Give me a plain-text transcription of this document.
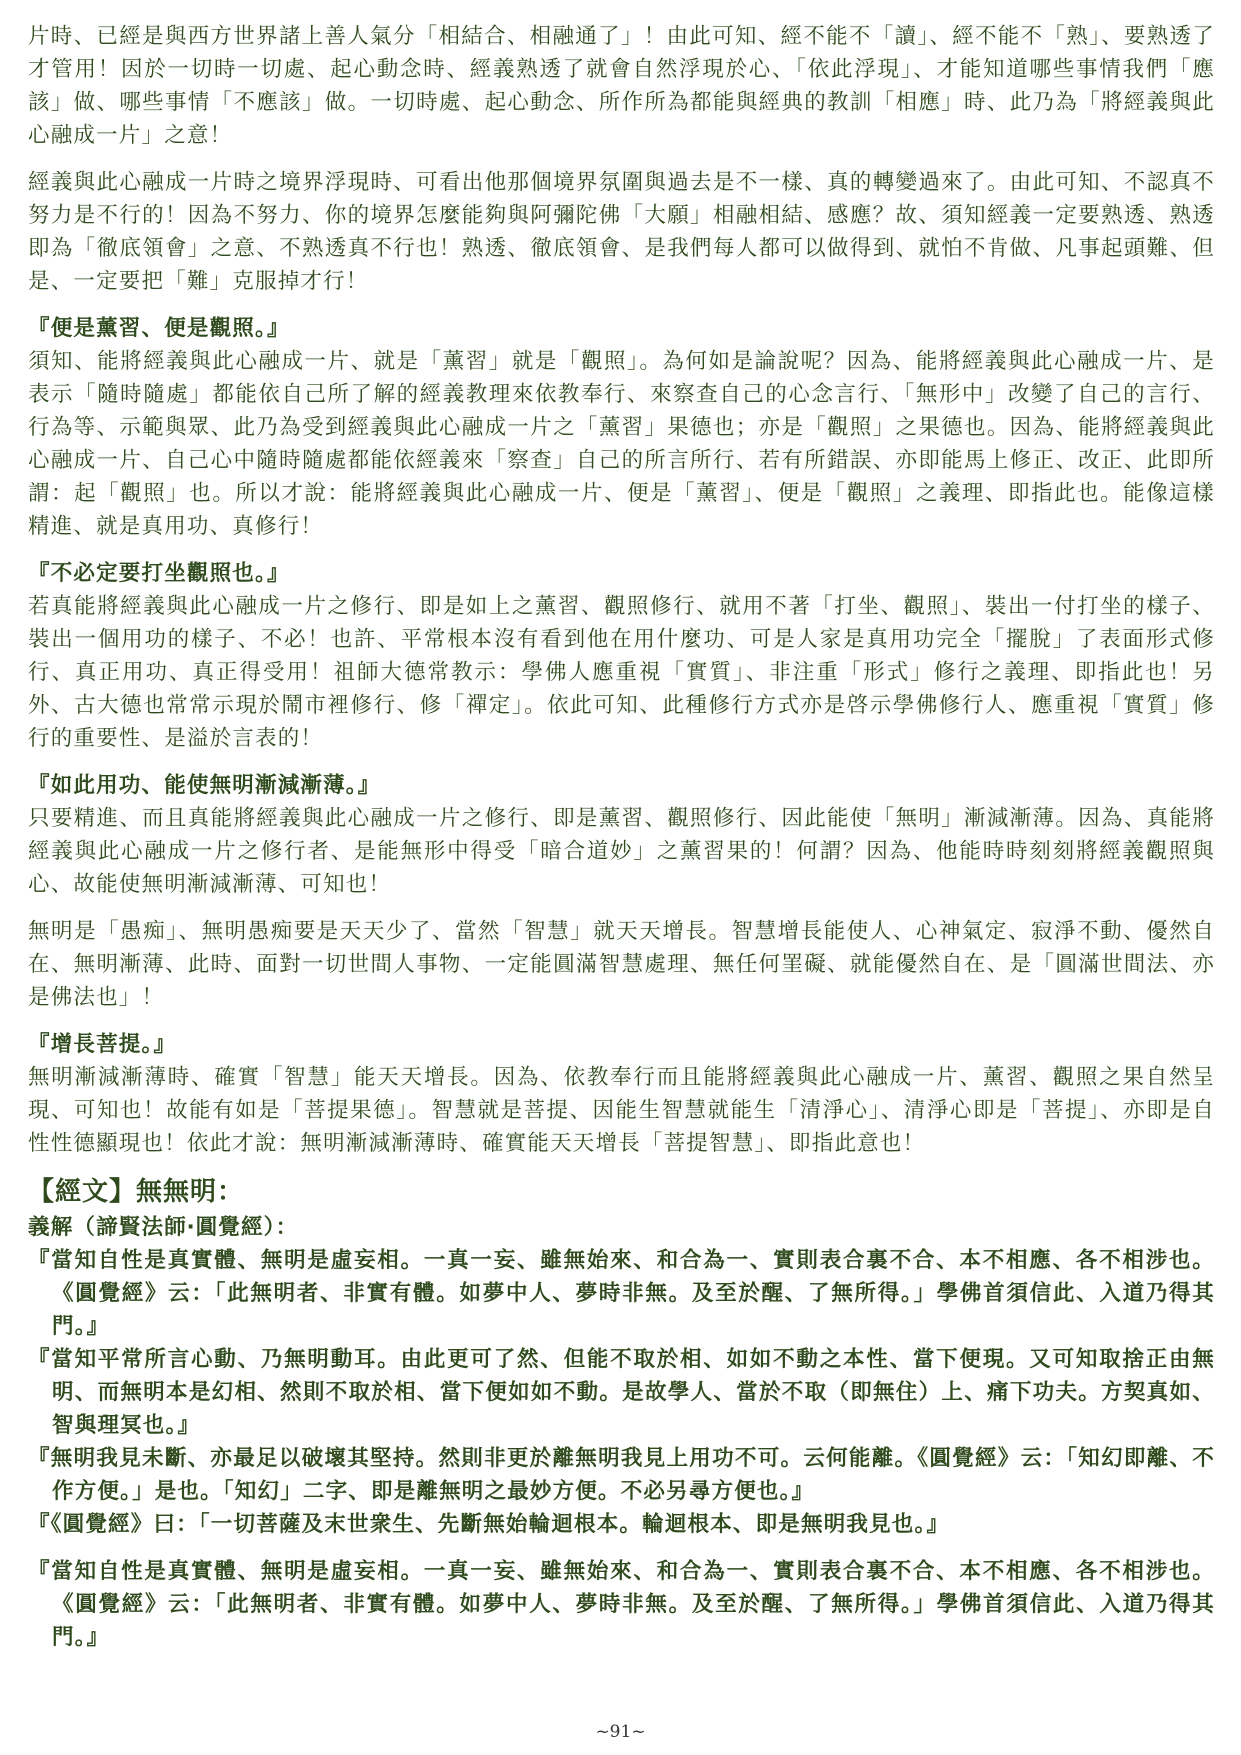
片時、已經是與西方世界諸上善人氣分「相結合、相融通了」！由此可知、經不能不「讀」、經不能不「熟」、要熟透了才管用！因於一切時一切處、起心動念時、經義熟透了就會自然浮現於心、「依此浮現」、才能知道哪些事情我們「應該」做、哪些事情「不應該」做。一切時處、起心動念、所作所為都能與經典的教訓「相應」時、此乃為「將經義與此心融成一片」之意！

經義與此心融成一片時之境界浮現時、可看出他那個境界氛圍與過去是不一樣、真的轉變過來了。由此可知、不認真不努力是不行的！因為不努力、你的境界怎麼能夠與阿彌陀佛「大願」相融相結、感應？故、須知經義一定要熟透、熟透即為「徹底領會」之意、不熟透真不行也！熟透、徹底領會、是我們每人都可以做得到、就怕不肯做、凡事起頭難、但是、一定要把「難」克服掉才行！

『便是薰習、便是觀照。』

須知、能將經義與此心融成一片、就是「薰習」就是「觀照」。為何如是論說呢？因為、能將經義與此心融成一片、是表示「隨時隨處」都能依自己所了解的經義教理來依教奉行、來察查自己的心念言行、「無形中」改變了自己的言行、行為等、示範與眾、此乃為受到經義與此心融成一片之「薰習」果德也；亦是「觀照」之果德也。因為、能將經義與此心融成一片、自己心中隨時隨處都能依經義來「察查」自己的所言所行、若有所錯誤、亦即能馬上修正、改正、此即所謂：起「觀照」也。所以才說：能將經義與此心融成一片、便是「薰習」、便是「觀照」之義理、即指此也。能像這樣精進、就是真用功、真修行！

『不必定要打坐觀照也。』

若真能將經義與此心融成一片之修行、即是如上之薰習、觀照修行、就用不著「打坐、觀照」、裝出一付打坐的樣子、裝出一個用功的樣子、不必！也許、平常根本沒有看到他在用什麼功、可是人家是真用功完全「擺脫」了表面形式修行、真正用功、真正得受用！祖師大德常教示：學佛人應重視「實質」、非注重「形式」修行之義理、即指此也！另外、古大德也常常示現於鬧市裡修行、修「禪定」。依此可知、此種修行方式亦是啓示學佛修行人、應重視「實質」修行的重要性、是溢於言表的！

『如此用功、能使無明漸減漸薄。』

只要精進、而且真能將經義與此心融成一片之修行、即是薰習、觀照修行、因此能使「無明」漸減漸薄。因為、真能將經義與此心融成一片之修行者、是能無形中得受「暗合道妙」之薰習果的！何謂？因為、他能時時刻刻將經義觀照與心、故能使無明漸減漸薄、可知也！

無明是「愚痴」、無明愚痴要是天天少了、當然「智慧」就天天增長。智慧增長能使人、心神氣定、寂淨不動、優然自在、無明漸薄、此時、面對一切世間人事物、一定能圓滿智慧處理、無任何罣礙、就能優然自在、是「圓滿世間法、亦是佛法也」！

『增長菩提。』

無明漸減漸薄時、確實「智慧」能天天增長。因為、依教奉行而且能將經義與此心融成一片、薰習、觀照之果自然呈現、可知也！故能有如是「菩提果德」。智慧就是菩提、因能生智慧就能生「清淨心」、清淨心即是「菩提」、亦即是自性性德顯現也！依此才說：無明漸減漸薄時、確實能天天增長「菩提智慧」、即指此意也！

【經文】無無明：

義解（諦賢法師‧圓覺經）：

『當知自性是真實體、無明是虛妄相。一真一妄、雖無始來、和合為一、實則表合裏不合、本不相應、各不相涉也。《圓覺經》云：「此無明者、非實有體。如夢中人、夢時非無。及至於醒、了無所得。」學佛首須信此、入道乃得其門。』

『當知平常所言心動、乃無明動耳。由此更可了然、但能不取於相、如如不動之本性、當下便現。又可知取捨正由無明、而無明本是幻相、然則不取於相、當下便如如不動。是故學人、當於不取（即無住）上、痛下功夫。方契真如、智與理冥也。』

『無明我見未斷、亦最足以破壞其堅持。然則非更於離無明我見上用功不可。云何能離。《圓覺經》云：「知幻即離、不作方便。」是也。「知幻」二字、即是離無明之最妙方便。不必另尋方便也。』

『《圓覺經》曰：「一切菩薩及末世衆生、先斷無始輪迴根本。輪迴根本、即是無明我見也。』

『當知自性是真實體、無明是虛妄相。一真一妄、雖無始來、和合為一、實則表合裏不合、本不相應、各不相涉也。《圓覺經》云：「此無明者、非實有體。如夢中人、夢時非無。及至於醒、了無所得。」學佛首須信此、入道乃得其門。』

~91~
